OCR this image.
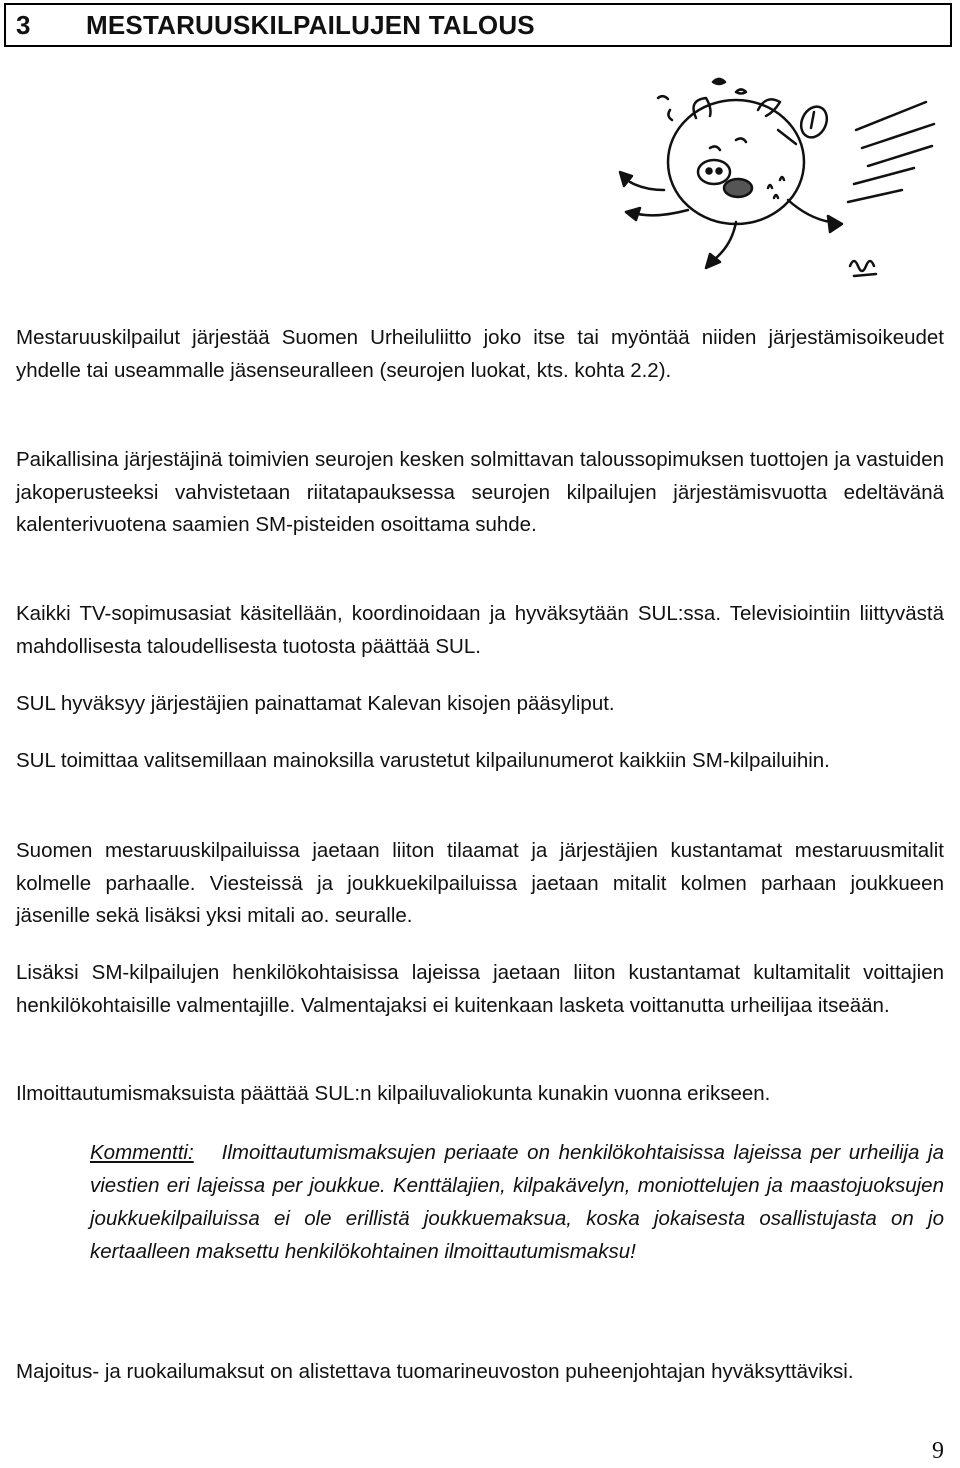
3	MESTARUUSKILPAILUJEN TALOUS

Mestaruuskilpailut järjestää Suomen Urheiluliitto joko itse tai myöntää niiden järjestämisoikeudet yhdelle tai useammalle jäsenseuralleen (seurojen luokat, kts. kohta 2.2).

Paikallisina järjestäjinä toimivien seurojen kesken solmittavan taloussopimuksen tuottojen ja vastuiden jakoperusteeksi vahvistetaan riitatapauksessa seurojen kilpailujen järjestämisvuotta edeltävänä kalenterivuotena saamien SM-pisteiden osoittama suhde.

Kaikki TV-sopimusasiat käsitellään, koordinoidaan ja hyväksytään SUL:ssa. Televisiointiin liittyvästä mahdollisesta taloudellisesta tuotosta päättää SUL.

SUL hyväksyy järjestäjien painattamat Kalevan kisojen pääsyliput.

SUL toimittaa valitsemillaan mainoksilla varustetut kilpailunumerot kaikkiin SM-kilpailuihin.

Suomen mestaruuskilpailuissa jaetaan liiton tilaamat ja järjestäjien kustantamat mestaruusmitalit kolmelle parhaalle. Viesteissä ja joukkuekilpailuissa jaetaan mitalit kolmen parhaan joukkueen jäsenille sekä lisäksi yksi mitali ao. seuralle.

Lisäksi SM-kilpailujen henkilökohtaisissa lajeissa jaetaan liiton kustantamat kultamitalit voittajien henkilökohtaisille valmentajille. Valmentajaksi ei kuitenkaan lasketa voittanutta urheilijaa itseään.

Ilmoittautumismaksuista päättää SUL:n kilpailuvaliokunta kunakin vuonna erikseen.

Kommentti: Ilmoittautumismaksujen periaate on henkilökohtaisissa lajeissa per urheilija ja viestien eri lajeissa per joukkue. Kenttälajien, kilpakävelyn, moniottelujen ja maastojuoksujen joukkuekilpailuissa ei ole erillistä joukkuemaksua, koska jokaisesta osallistujasta on jo kertaalleen maksettu henkilökohtainen ilmoittautumismaksu!

Majoitus- ja ruokailumaksut on alistettava tuomarineuvoston puheenjohtajan hyväksyttäviksi.

9
